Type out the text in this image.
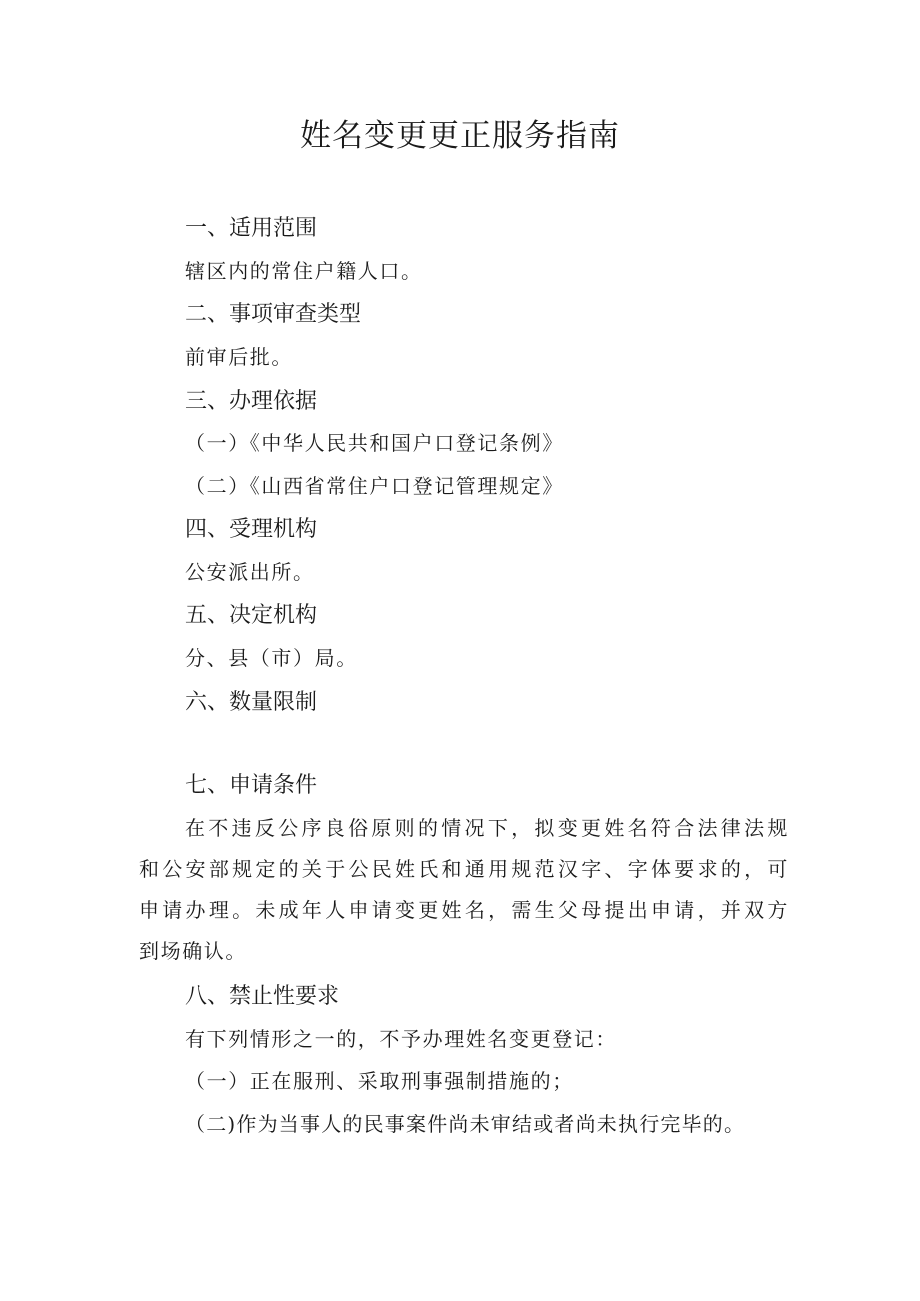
姓名变更更正服务指南
一、适用范围
辖区内的常住户籍人口。
二、事项审查类型
前审后批。
三、办理依据
（一）《中华人民共和国户口登记条例》
（二）《山西省常住户口登记管理规定》
四、受理机构
公安派出所。
五、决定机构
分、县（市）局。
六、数量限制
七、申请条件
在不违反公序良俗原则的情况下，拟变更姓名符合法律法规
和公安部规定的关于公民姓氏和通用规范汉字、字体要求的，可
申请办理。未成年人申请变更姓名，需生父母提出申请，并双方
到场确认。
八、禁止性要求
有下列情形之一的，不予办理姓名变更登记：
（一）正在服刑、采取刑事强制措施的；
（二)作为当事人的民事案件尚未审结或者尚未执行完毕的。
